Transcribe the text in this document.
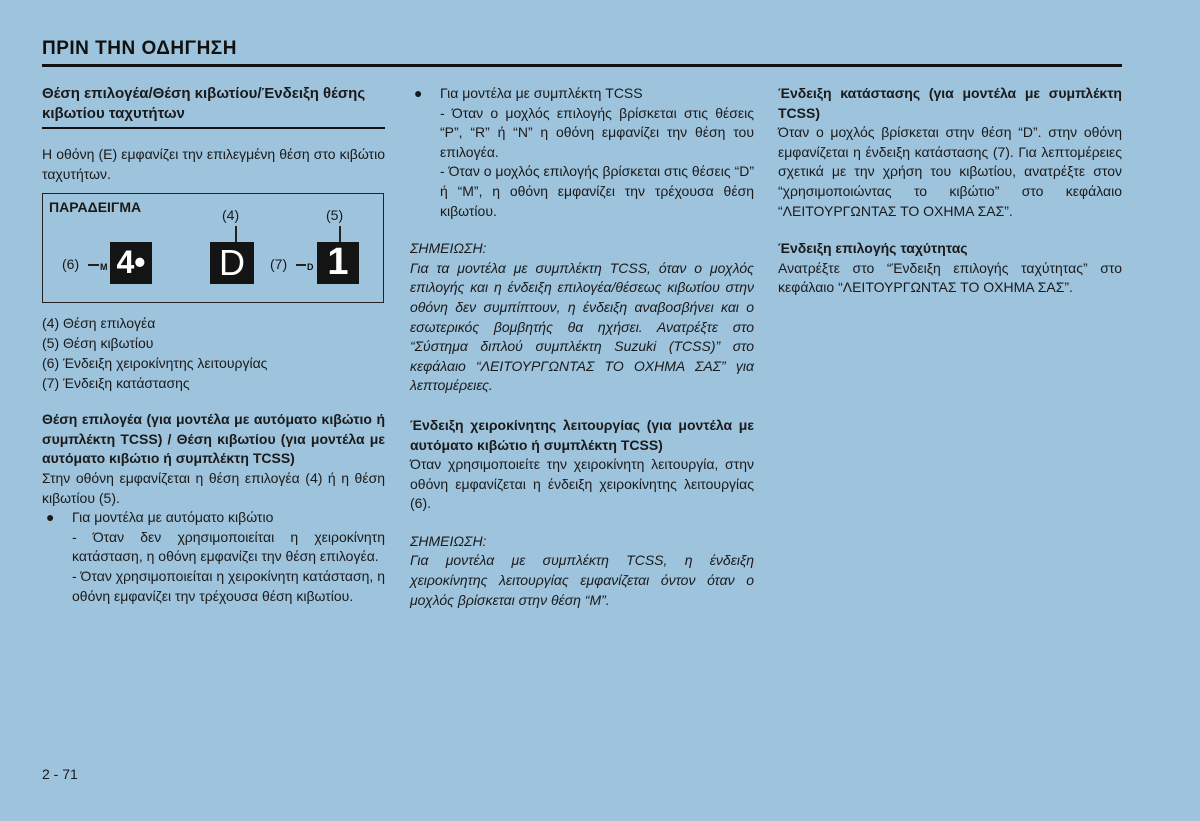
ΠΡΙΝ ΤΗΝ ΟΔΗΓΗΣΗ
Θέση επιλογέα/Θέση κιβωτίου/Ένδειξη θέσης κιβωτίου ταχυτήτων

Η οθόνη (E) εμφανίζει την επιλεγμένη θέση στο κιβώτιο ταχυτήτων.

ΠΑΡΑΔΕΙΓΜΑ	(4)	(5)
(6) M 4• D	(7) D 1

(4) Θέση επιλογέα

(5) Θέση κιβωτίου

(6) Ένδειξη χειροκίνητης λειτουργίας

(7) Ένδειξη κατάστασης

Θέση επιλογέα (για μοντέλα με αυτόματο κιβώτιο ή συμπλέκτη TCSS) / Θέση κιβωτίου (για μοντέλα με αυτόματο κιβώτιο ή συμπλέκτη TCSS)

Στην οθόνη εμφανίζεται η θέση επιλογέα (4) ή η θέση κιβωτίου (5).

●	Για μοντέλα με αυτόματο κιβώτιο

- Όταν δεν χρησιμοποιείται η χειροκίνητη κατάσταση, η οθόνη εμφανίζει την θέση επιλογέα.

- Όταν χρησιμοποιείται η χειροκίνητη κατάσταση, η οθόνη εμφανίζει την τρέχουσα θέση κιβωτίου.

●	Για μοντέλα με συμπλέκτη TCSS

- Όταν ο μοχλός επιλογής βρίσκεται στις θέσεις “P”, “R” ή “N” η οθόνη εμφανίζει την θέση του επιλογέα.

- Όταν ο μοχλός επιλογής βρίσκεται στις θέσεις “D” ή “M”, η οθόνη εμφανίζει την τρέχουσα θέση κιβωτίου.

ΣΗΜΕΙΩΣΗ:

Για τα μοντέλα με συμπλέκτη TCSS, όταν ο μοχλός επιλογής και η ένδειξη επιλογέα/θέσεως κιβωτίου στην οθόνη δεν συμπίπτουν, η ένδειξη αναβοσβήνει και ο εσωτερικός βομβητής θα ηχήσει. Ανατρέξτε στο “Σύστημα διπλού συμπλέκτη Suzuki (TCSS)” στο κεφάλαιο “ΛΕΙΤΟΥΡΓΩΝΤΑΣ ΤΟ ΟΧΗΜΑ ΣΑΣ” για λεπτομέρειες.

Ένδειξη χειροκίνητης λειτουργίας (για μοντέλα με αυτόματο κιβώτιο ή συμπλέκτη TCSS)

Όταν χρησιμοποιείτε την χειροκίνητη λειτουργία, στην οθόνη εμφανίζεται η ένδειξη χειροκίνητης λειτουργίας (6).

ΣΗΜΕΙΩΣΗ:

Για μοντέλα με συμπλέκτη TCSS, η ένδειξη χειροκίνητης λειτουργίας εμφανίζεται όντον όταν ο μοχλός βρίσκεται στην θέση “M”.

Ένδειξη κατάστασης (για μοντέλα με συμπλέκτη TCSS)

Όταν ο μοχλός βρίσκεται στην θέση “D”. στην οθόνη εμφανίζεται η ένδειξη κατάστασης (7). Για λεπτομέρειες σχετικά με την χρήση του κιβωτίου, ανατρέξτε στον “χρησιμοποιώντας το κιβώτιο” στο κεφάλαιο “ΛΕΙΤΟΥΡΓΩΝΤΑΣ ΤΟ ΟΧΗΜΑ ΣΑΣ”.

Ένδειξη επιλογής ταχύτητας

Ανατρέξτε στο “Ένδειξη επιλογής ταχύτητας” στο κεφάλαιο “ΛΕΙΤΟΥΡΓΩΝΤΑΣ ΤΟ ΟΧΗΜΑ ΣΑΣ”.

2 - 71
